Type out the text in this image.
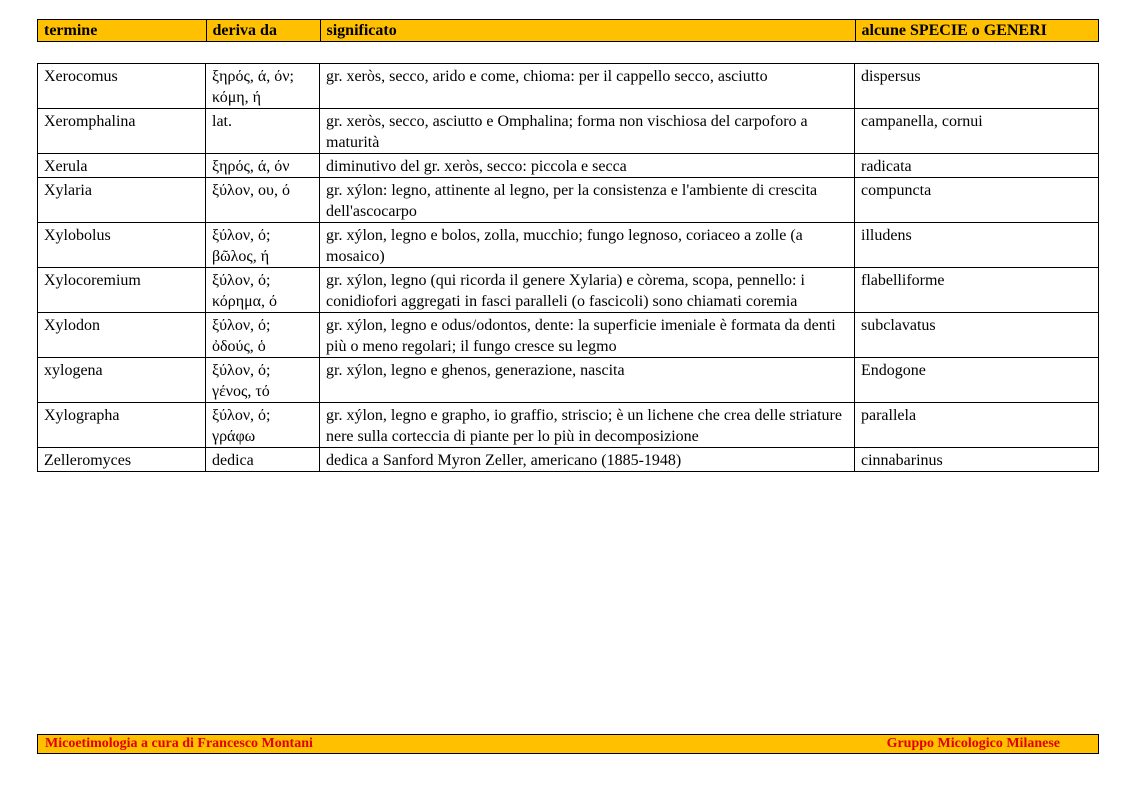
termine	deriva da	significato	alcune SPECIE o GENERI
Xerocomus	ξηρός, ά, όν; κόμη, ή	gr. xeròs, secco, arido e come, chioma: per il cappello secco, asciutto	dispersus
Xeromphalina	lat.	gr. xeròs, secco, asciutto e Omphalina; forma non vischiosa del carpoforo a maturità	campanella, cornui
Xerula	ξηρός, ά, όν	diminutivo del gr. xeròs, secco: piccola e secca	radicata
Xylaria	ξύλον, ου, ό	gr. xýlon: legno, attinente al legno, per la consistenza e l'ambiente di crescita dell'ascocarpo	compuncta
Xylobolus	ξύλον, ό; βῶλος, ή	gr. xýlon, legno e bolos, zolla, mucchio; fungo legnoso, coriaceo a zolle (a mosaico)	illudens
Xylocoremium	ξύλον, ό; κόρημα, ό	gr. xýlon, legno (qui ricorda il genere Xylaria) e còrema, scopa, pennello: i conidiofori aggregati in fasci paralleli (o fascicoli) sono chiamati coremia	flabelliforme
Xylodon	ξύλον, ό; ὀδούς, ὁ	gr. xýlon, legno e odus/odontos, dente: la superficie imeniale è formata da denti più o meno regolari; il fungo cresce su legmo	subclavatus
xylogena	ξύλον, ό; γένος, τό	gr. xýlon, legno e ghenos, generazione, nascita	Endogone
Xylographa	ξύλον, ό; γράφω	gr. xýlon, legno e grapho, io graffio, striscio; è un lichene che crea delle striature nere sulla corteccia di piante per lo più in decomposizione	parallela
Zelleromyces	dedica	dedica a Sanford Myron Zeller, americano (1885-1948)	cinnabarinus
Micoetimologia a cura di Francesco Montani	Gruppo Micologico Milanese
